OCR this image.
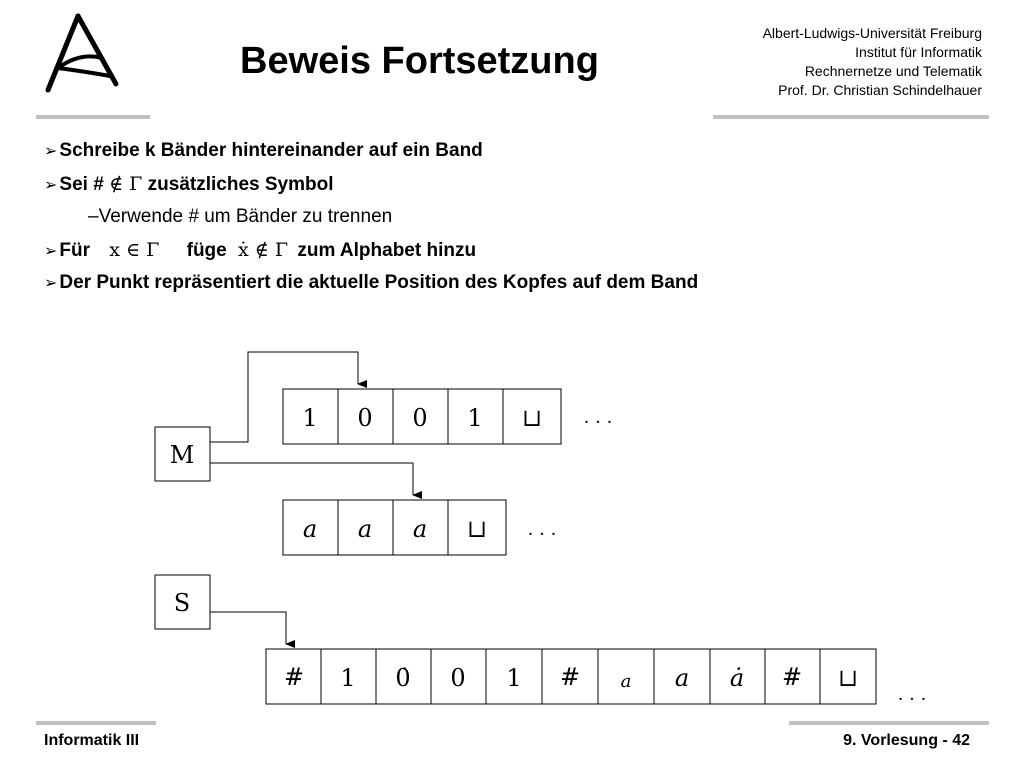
Beweis Fortsetzung
Albert-Ludwigs-Universität Freiburg
Institut für Informatik
Rechnernetze und Telematik
Prof. Dr. Christian Schindelhauer
➢ Schreibe k Bänder hintereinander auf ein Band
➢ Sei # ∉ Γ zusätzliches Symbol
–Verwende # um Bänder zu trennen
➢ Für x ∈ Γ füge ẋ ∉ Γ zum Alphabet hinzu
➢ Der Punkt repräsentiert die aktuelle Position des Kopfes auf dem Band
M
1 0 0 1 ⊔ · · ·
a a a ⊔ · · ·
S
# 1 0̇ 0 1 # a a ȧ # ⊔
· · ·
Informatik III	9. Vorlesung - 42
